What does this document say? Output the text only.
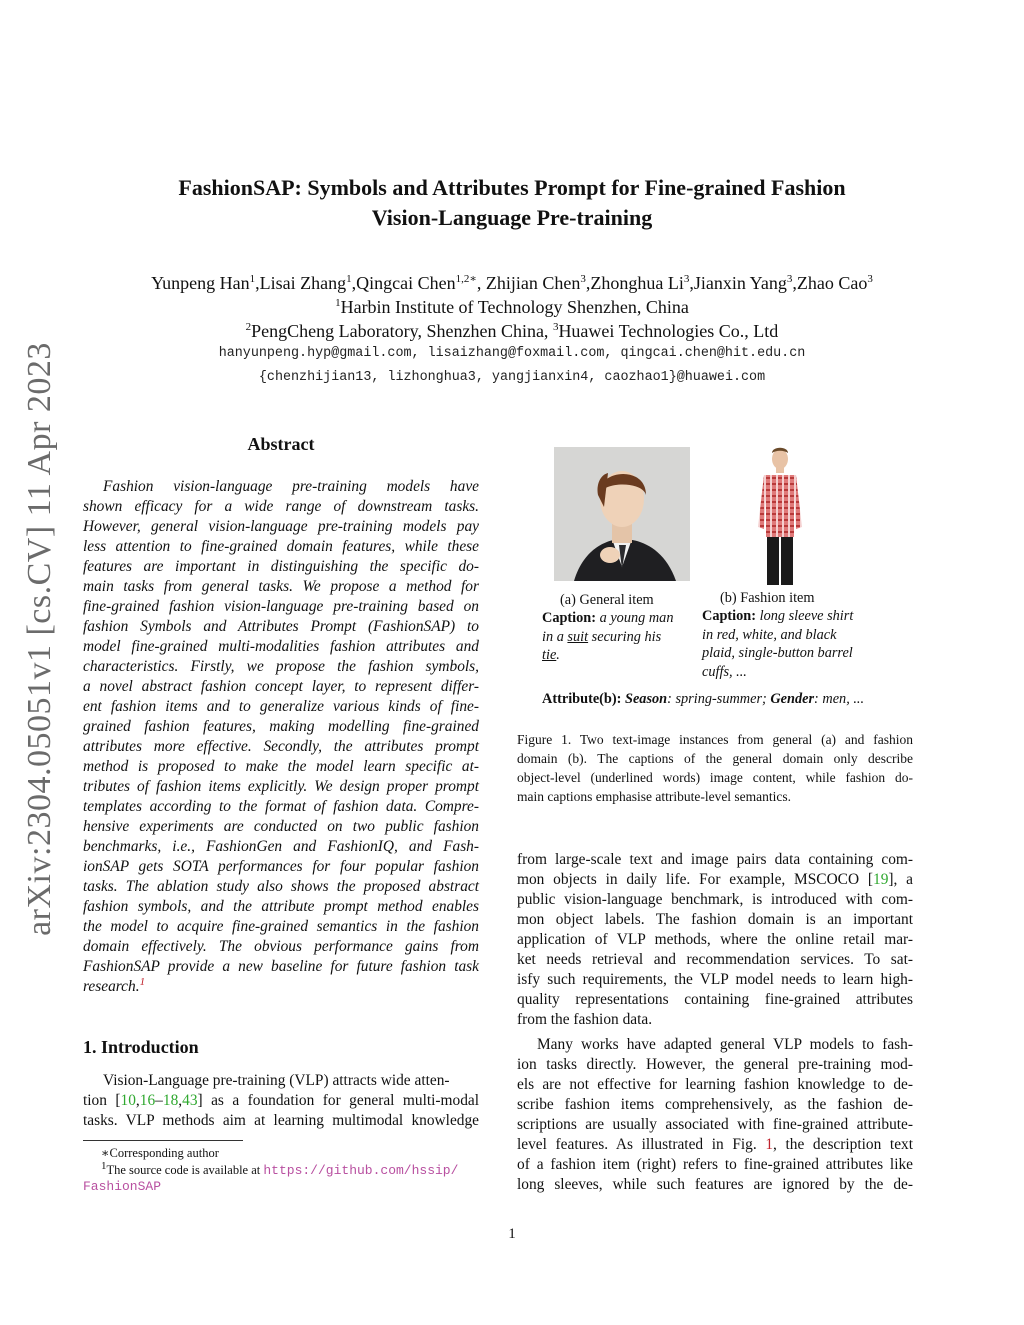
arXiv:2304.05051v1 [cs.CV] 11 Apr 2023
FashionSAP: Symbols and Attributes Prompt for Fine-grained Fashion
Vision-Language Pre-training
Yunpeng Han$^1$,Lisai Zhang$^1$,Qingcai Chen$^{1,2∗}$, Zhijian Chen$^3$,Zhonghua Li$^3$,Jianxin Yang$^3$,Zhao Cao$^3$
$^1$Harbin Institute of Technology Shenzhen, China
$^2$PengCheng Laboratory, Shenzhen China, $^3$Huawei Technologies Co., Ltd
hanyunpeng.hyp@gmail.com, lisaizhang@foxmail.com, qingcai.chen@hit.edu.cn
{chenzhijian13, lizhonghua3, yangjianxin4, caozhao1}@huawei.com
Abstract
Fashion vision-language pre-training models have
shown efficacy for a wide range of downstream tasks.
However, general vision-language pre-training models pay
less attention to fine-grained domain features, while these
features are important in distinguishing the specific do-
main tasks from general tasks. We propose a method for
fine-grained fashion vision-language pre-training based on
fashion Symbols and Attributes Prompt (FashionSAP) to
model fine-grained multi-modalities fashion attributes and
characteristics. Firstly, we propose the fashion symbols,
a novel abstract fashion concept layer, to represent differ-
ent fashion items and to generalize various kinds of fine-
grained fashion features, making modelling fine-grained
attributes more effective. Secondly, the attributes prompt
method is proposed to make the model learn specific at-
tributes of fashion items explicitly. We design proper prompt
templates according to the format of fashion data. Compre-
hensive experiments are conducted on two public fashion
benchmarks, i.e., FashionGen and FashionIQ, and Fash-
ionSAP gets SOTA performances for four popular fashion
tasks. The ablation study also shows the proposed abstract
fashion symbols, and the attribute prompt method enables
the model to acquire fine-grained semantics in the fashion
domain effectively. The obvious performance gains from
FashionSAP provide a new baseline for future fashion task
research.$^1$
1. Introduction
Vision-Language pre-training (VLP) attracts wide atten-
tion [10,16–18,43] as a foundation for general multi-modal
tasks. VLP methods aim at learning multimodal knowledge
∗Corresponding author
$^1$The source code is available at https://github.com/hssip/
FashionSAP
(a) General item
Caption: a young man
in a suit securing his
tie.
(b) Fashion item
Caption: long sleeve shirt
in red, white, and black
plaid, single-button barrel
cuffs, ...
Attribute(b): Season: spring-summer; Gender: men, ...
Figure 1. Two text-image instances from general (a) and fashion
domain (b). The captions of the general domain only describe
object-level (underlined words) image content, while fashion do-
main captions emphasise attribute-level semantics.
from large-scale text and image pairs data containing com-
mon objects in daily life. For example, MSCOCO [19], a
public vision-language benchmark, is introduced with com-
mon object labels. The fashion domain is an important
application of VLP methods, where the online retail mar-
ket needs retrieval and recommendation services. To sat-
isfy such requirements, the VLP model needs to learn high-
quality representations containing fine-grained attributes
from the fashion data.
Many works have adapted general VLP models to fash-
ion tasks directly. However, the general pre-training mod-
els are not effective for learning fashion knowledge to de-
scribe fashion items comprehensively, as the fashion de-
scriptions are usually associated with fine-grained attribute-
level features. As illustrated in Fig. 1, the description text
of a fashion item (right) refers to fine-grained attributes like
long sleeves, while such features are ignored by the de-
1
